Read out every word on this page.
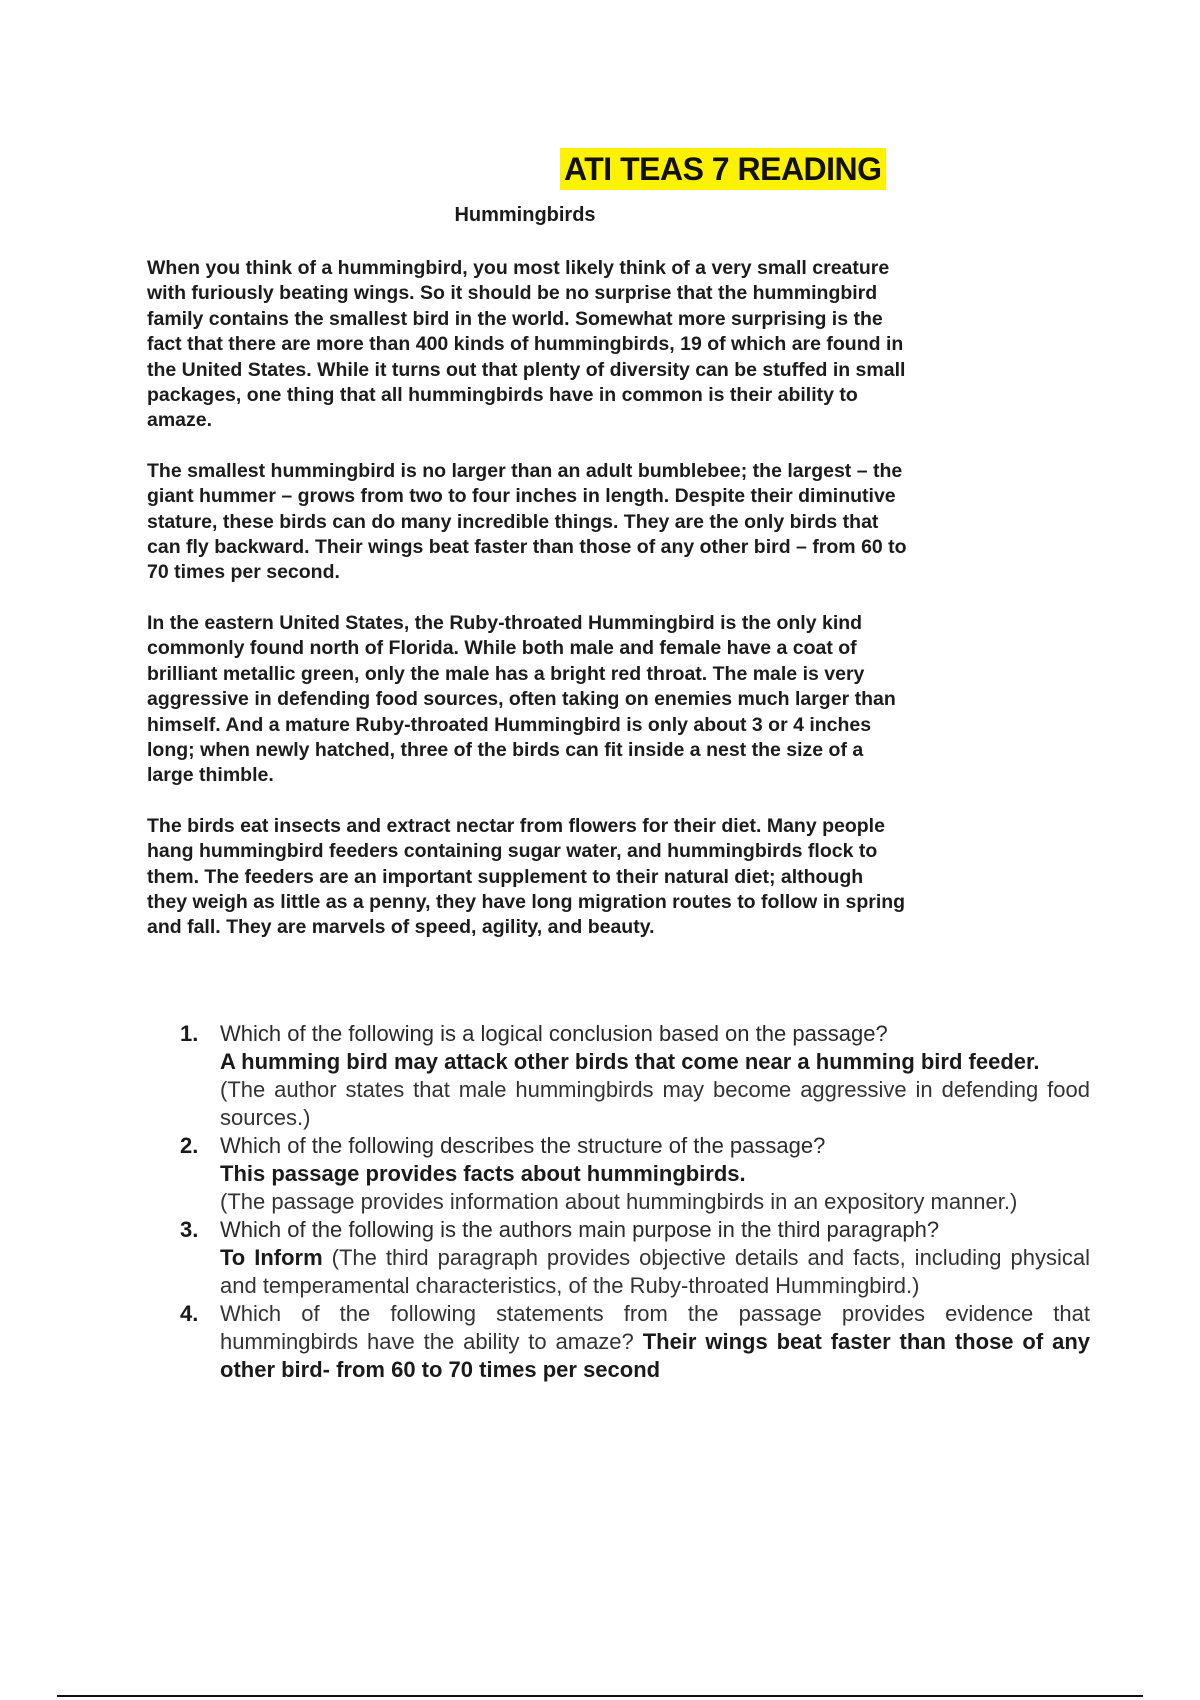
ATI TEAS 7 READING
Hummingbirds

When you think of a hummingbird, you most likely think of a very small creature with furiously beating wings. So it should be no surprise that the hummingbird family contains the smallest bird in the world. Somewhat more surprising is the fact that there are more than 400 kinds of hummingbirds, 19 of which are found in the United States. While it turns out that plenty of diversity can be stuffed in small packages, one thing that all hummingbirds have in common is their ability to amaze.

The smallest hummingbird is no larger than an adult bumblebee; the largest – the giant hummer – grows from two to four inches in length. Despite their diminutive stature, these birds can do many incredible things. They are the only birds that can fly backward. Their wings beat faster than those of any other bird – from 60 to 70 times per second.

In the eastern United States, the Ruby-throated Hummingbird is the only kind commonly found north of Florida. While both male and female have a coat of brilliant metallic green, only the male has a bright red throat. The male is very aggressive in defending food sources, often taking on enemies much larger than himself. And a mature Ruby-throated Hummingbird is only about 3 or 4 inches long; when newly hatched, three of the birds can fit inside a nest the size of a large thimble.

The birds eat insects and extract nectar from flowers for their diet. Many people hang hummingbird feeders containing sugar water, and hummingbirds flock to them. The feeders are an important supplement to their natural diet; although they weigh as little as a penny, they have long migration routes to follow in spring and fall. They are marvels of speed, agility, and beauty.

1. Which of the following is a logical conclusion based on the passage?
A humming bird may attack other birds that come near a humming bird feeder.
(The author states that male hummingbirds may become aggressive in defending food sources.)
2. Which of the following describes the structure of the passage?
This passage provides facts about hummingbirds.
(The passage provides information about hummingbirds in an expository manner.)
3. Which of the following is the authors main purpose in the third paragraph?
To Inform (The third paragraph provides objective details and facts, including physical and temperamental characteristics, of the Ruby-throated Hummingbird.)
4. Which of the following statements from the passage provides evidence that hummingbirds have the ability to amaze? Their wings beat faster than those of any other bird- from 60 to 70 times per second
